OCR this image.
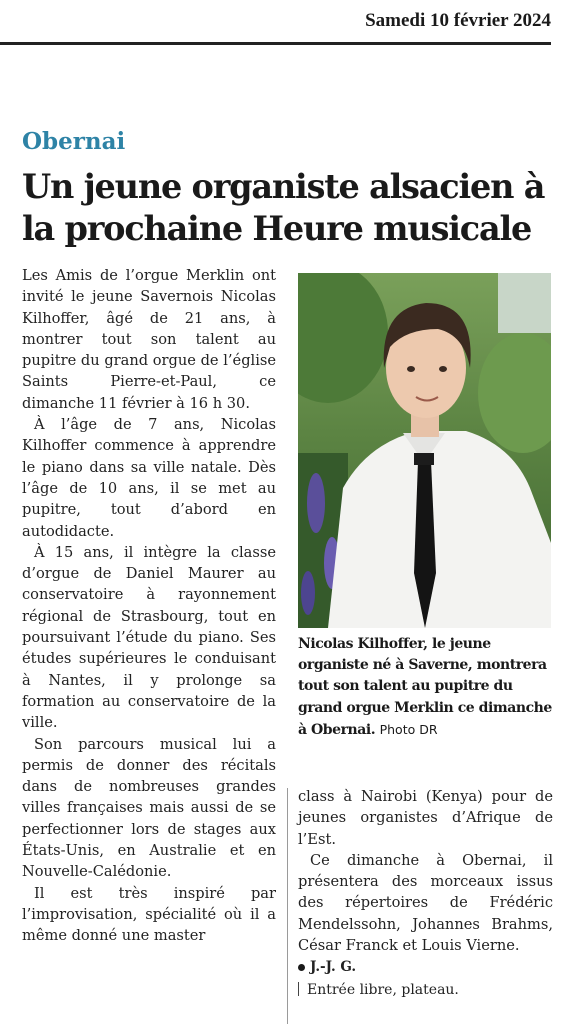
Samedi 10 février 2024
Obernai
Un jeune organiste alsacien à la prochaine Heure musicale

Les Amis de l’orgue Merklin ont invité le jeune Savernois Nicolas Kilhoffer, âgé de 21 ans, à montrer tout son talent au pupitre du grand orgue de l’église Saints Pierre-et-Paul, ce dimanche 11 février à 16 h 30.

À l’âge de 7 ans, Nicolas Kilhoffer commence à apprendre le piano dans sa ville natale. Dès l’âge de 10 ans, il se met au pupitre, tout d’abord en autodidacte.

À 15 ans, il intègre la classe d’orgue de Daniel Maurer au conservatoire à rayonnement régional de Strasbourg, tout en poursuivant l’étude du piano. Ses études supérieures le conduisant à Nantes, il y prolonge sa formation au conservatoire de la ville.

Son parcours musical lui a permis de donner des récitals dans de nombreuses grandes villes françaises mais aussi de se perfectionner lors de stages aux États-Unis, en Australie et en Nouvelle-Calédonie.

Il est très inspiré par l’improvisation, spécialité où il a même donné une master

Nicolas Kilhoffer, le jeune organiste né à Saverne, montrera tout son talent au pupitre du grand orgue Merklin ce dimanche à Obernai. Photo DR

class à Nairobi (Kenya) pour de jeunes organistes d’Afrique de l’Est.

Ce dimanche à Obernai, il présentera des morceaux issus des répertoires de Frédéric Mendelssohn, Johannes Brahms, César Franck et Louis Vierne.

J.-J. G.
Entrée libre, plateau.
